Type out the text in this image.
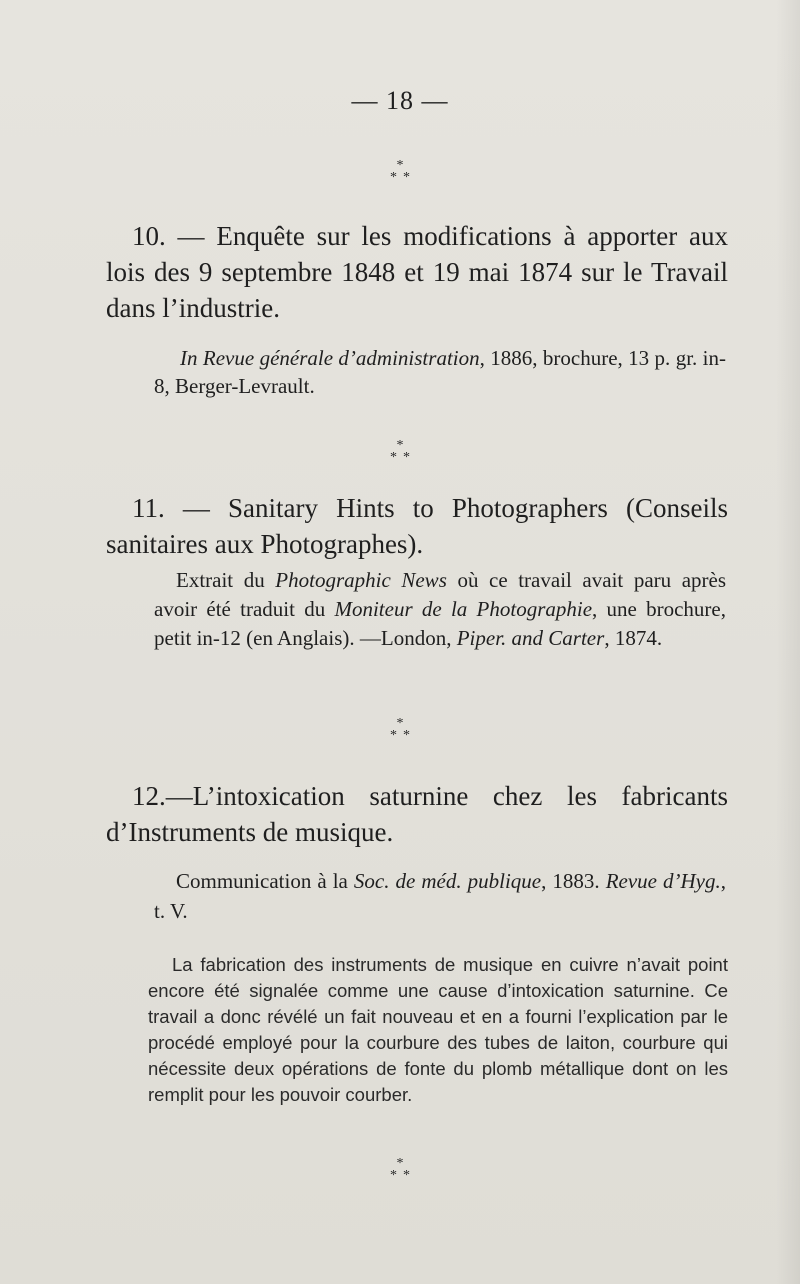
— 18 —
*
**
10. — Enquête sur les modifications à apporter aux lois des 9 septembre 1848 et 19 mai 1874 sur le Travail dans l’industrie.
In Revue générale d’administration, 1886, brochure, 13 p. gr. in-8, Berger-Levrault.
*
**
11. — Sanitary Hints to Photographers (Conseils sanitaires aux Photographes).
Extrait du Photographic News où ce travail avait paru après avoir été traduit du Moniteur de la Photographie, une brochure, petit in-12 (en Anglais). —London, Piper. and Carter, 1874.
*
**
12.—L’intoxication saturnine chez les fabricants d’Instruments de musique.
Communication à la Soc. de méd. publique, 1883. Revue d’Hyg., t. V.
La fabrication des instruments de musique en cuivre n’avait point encore été signalée comme une cause d’intoxication saturnine. Ce travail a donc révélé un fait nouveau et en a fourni l’explication par le procédé employé pour la courbure des tubes de laiton, courbure qui nécessite deux opérations de fonte du plomb métallique dont on les remplit pour les pouvoir courber.
*
**
